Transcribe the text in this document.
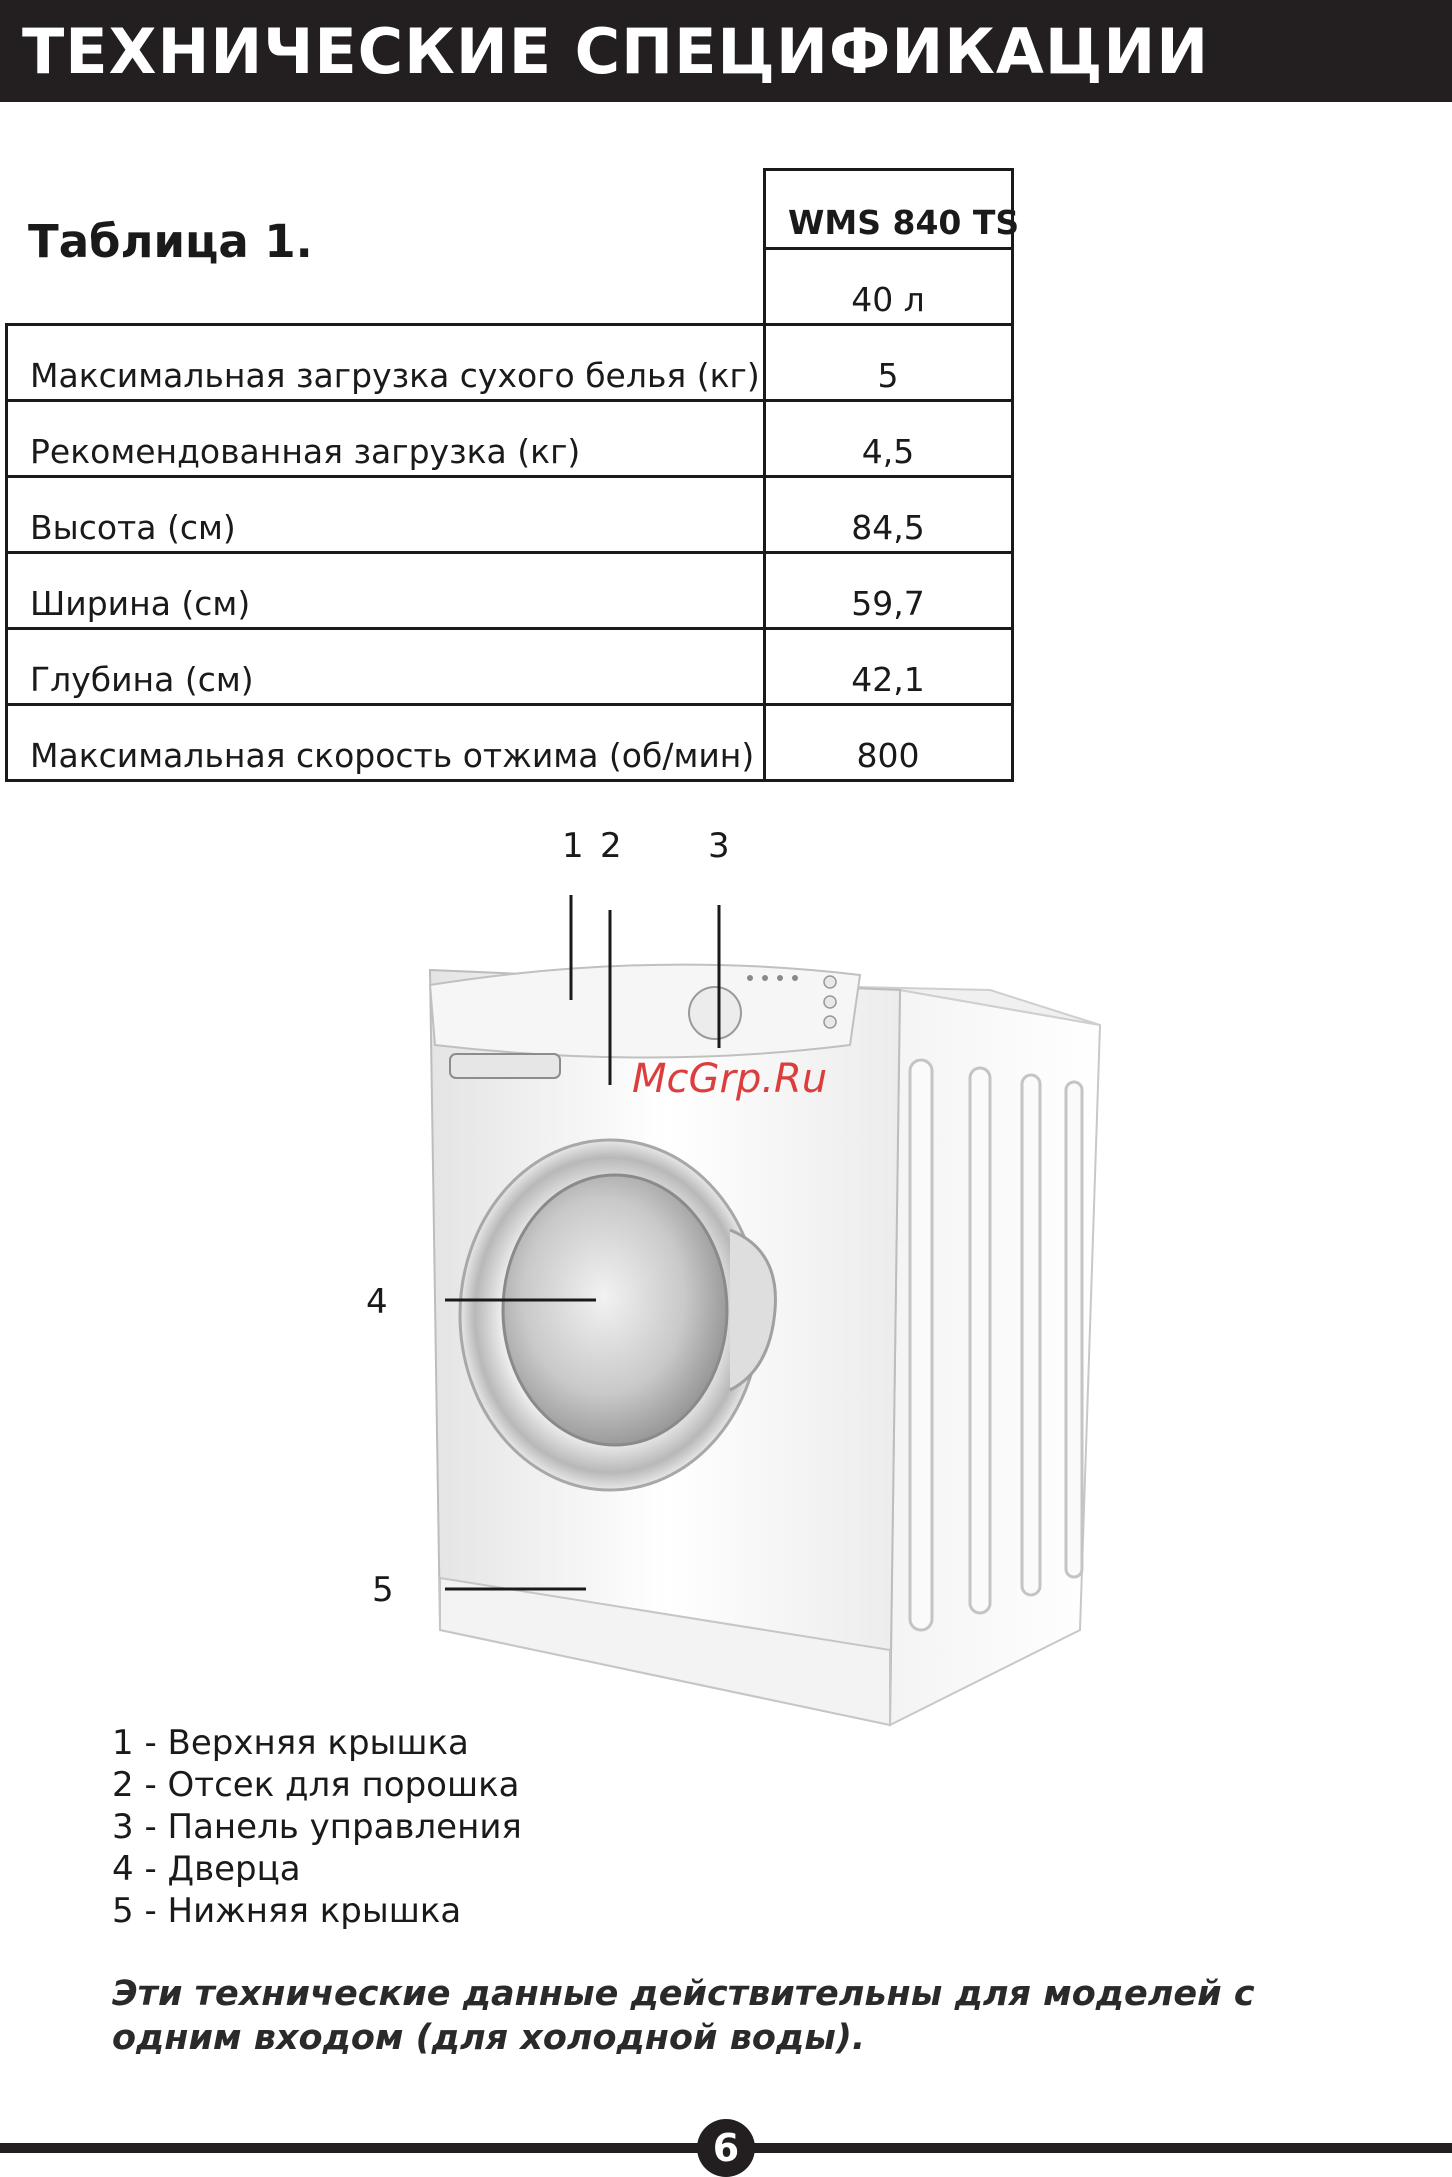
ТЕХНИЧЕСКИЕ СПЕЦИФИКАЦИИ
Таблица 1.	WMS 840 TS
40 л
Максимальная загрузка сухого белья (кг)	5
Рекомендованная загрузка (кг)	4,5
Высота (см)	84,5
Ширина (см)	59,7
Глубина (см)	42,1
Максимальная скорость отжима (об/мин)	800
1 2	3
McGrp.Ru
4
5
1 - Верхняя крышка
2 - Отсек для порошка
3 - Панель управления
4 - Дверца
5 - Нижняя крышка

Эти технические данные действительны для моделей с одним входом (для холодной воды).

6
